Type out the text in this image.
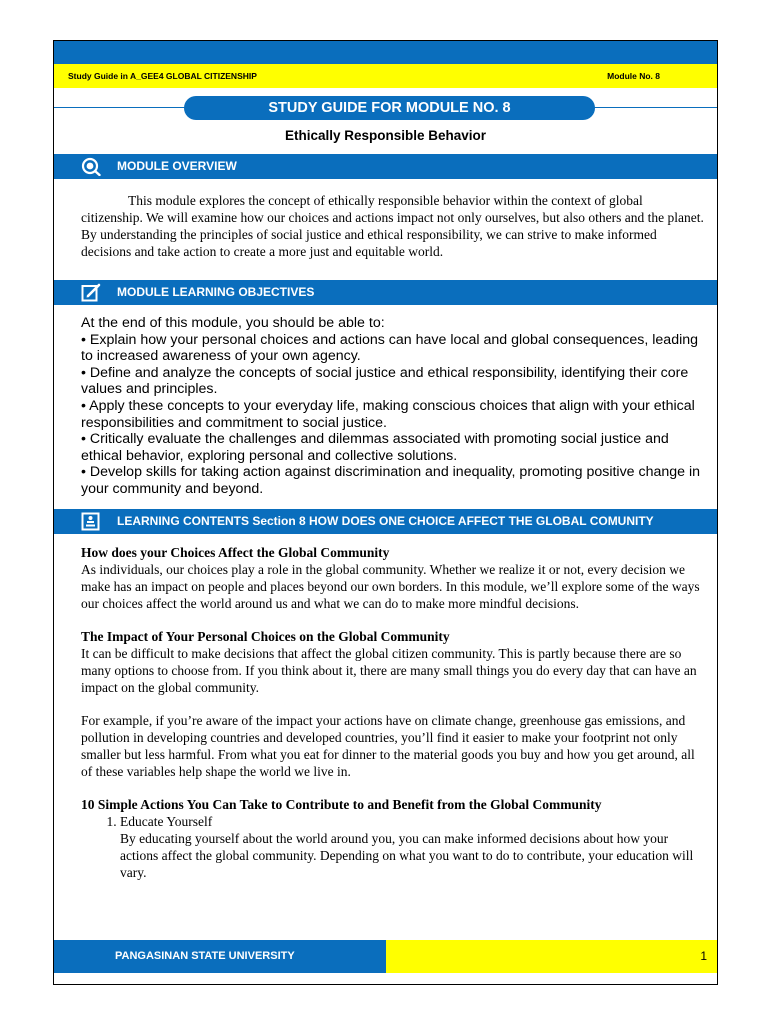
Study Guide in A_GEE4 GLOBAL CITIZENSHIP	Module No. 8
STUDY GUIDE FOR MODULE NO. 8
Ethically Responsible Behavior
MODULE OVERVIEW
This module explores the concept of ethically responsible behavior within the context of global citizenship. We will examine how our choices and actions impact not only ourselves, but also others and the planet. By understanding the principles of social justice and ethical responsibility, we can strive to make informed decisions and take action to create a more just and equitable world.
MODULE LEARNING OBJECTIVES

At the end of this module, you should be able to:

• Explain how your personal choices and actions can have local and global consequences, leading to increased awareness of your own agency.

• Define and analyze the concepts of social justice and ethical responsibility, identifying their core values and principles.

• Apply these concepts to your everyday life, making conscious choices that align with your ethical responsibilities and commitment to social justice.

• Critically evaluate the challenges and dilemmas associated with promoting social justice and ethical behavior, exploring personal and collective solutions.

• Develop skills for taking action against discrimination and inequality, promoting positive change in your community and beyond.

LEARNING CONTENTS Section 8 HOW DOES ONE CHOICE AFFECT THE GLOBAL COMUNITY

How does your Choices Affect the Global Community

As individuals, our choices play a role in the global community. Whether we realize it or not, every decision we make has an impact on people and places beyond our own borders. In this module, we’ll explore some of the ways our choices affect the world around us and what we can do to make more mindful decisions.

The Impact of Your Personal Choices on the Global Community

It can be difficult to make decisions that affect the global citizen community. This is partly because there are so many options to choose from. If you think about it, there are many small things you do every day that can have an impact on the global community.

For example, if you’re aware of the impact your actions have on climate change, greenhouse gas emissions, and pollution in developing countries and developed countries, you’ll find it easier to make your footprint not only smaller but less harmful. From what you eat for dinner to the material goods you buy and how you get around, all of these variables help shape the world we live in.

10 Simple Actions You Can Take to Contribute to and Benefit from the Global Community

1. Educate Yourself
By educating yourself about the world around you, you can make informed decisions about how your actions affect the global community. Depending on what you want to do to contribute, your education will vary.
PANGASINAN STATE UNIVERSITY	1
